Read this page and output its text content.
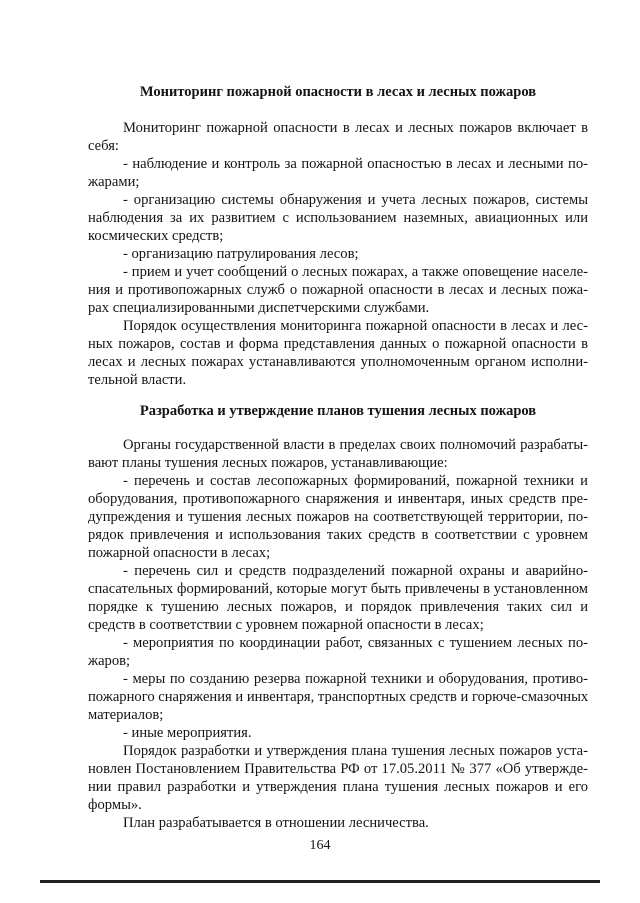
Мониторинг пожарной опасности в лесах и лесных пожаров
Мониторинг пожарной опасности в лесах и лесных пожаров включает в
себя:
- наблюдение и контроль за пожарной опасностью в лесах и лесными по-
жарами;
- организацию системы обнаружения и учета лесных пожаров, системы
наблюдения за их развитием с использованием наземных, авиационных или
космических средств;
- организацию патрулирования лесов;
- прием и учет сообщений о лесных пожарах, а также оповещение населе-
ния и противопожарных служб о пожарной опасности в лесах и лесных пожа-
рах специализированными диспетчерскими службами.
Порядок осуществления мониторинга пожарной опасности в лесах и лес-
ных пожаров, состав и форма представления данных о пожарной опасности в
лесах и лесных пожарах устанавливаются уполномоченным органом исполни-
тельной власти.
Разработка и утверждение планов тушения лесных пожаров
Органы государственной власти в пределах своих полномочий разрабаты-
вают планы тушения лесных пожаров, устанавливающие:
- перечень и состав лесопожарных формирований, пожарной техники и
оборудования, противопожарного снаряжения и инвентаря, иных средств пре-
дупреждения и тушения лесных пожаров на соответствующей территории, по-
рядок привлечения и использования таких средств в соответствии с уровнем
пожарной опасности в лесах;
- перечень сил и средств подразделений пожарной охраны и аварийно-
спасательных формирований, которые могут быть привлечены в установленном
порядке к тушению лесных пожаров, и порядок привлечения таких сил и
средств в соответствии с уровнем пожарной опасности в лесах;
- мероприятия по координации работ, связанных с тушением лесных по-
жаров;
- меры по созданию резерва пожарной техники и оборудования, противо-
пожарного снаряжения и инвентаря, транспортных средств и горюче-смазочных
материалов;
- иные мероприятия.
Порядок разработки и утверждения плана тушения лесных пожаров уста-
новлен Постановлением Правительства РФ от 17.05.2011 № 377 «Об утвержде-
нии правил разработки и утверждения плана тушения лесных пожаров и его
формы».
План разрабатывается в отношении лесничества.
164
